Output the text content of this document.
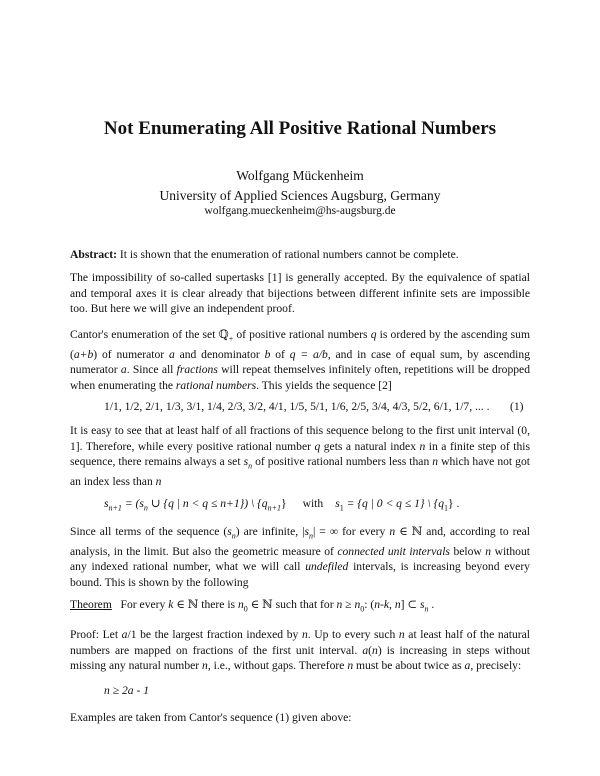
Not Enumerating All Positive Rational Numbers
Wolfgang Mückenheim
University of Applied Sciences Augsburg, Germany
wolfgang.mueckenheim@hs-augsburg.de

Abstract: It is shown that the enumeration of rational numbers cannot be complete.

The impossibility of so-called supertasks [1] is generally accepted. By the equivalence of spatial and temporal axes it is clear already that bijections between different infinite sets are impossible too. But here we will give an independent proof.

Cantor's enumeration of the set ℚ$_+$ of positive rational numbers q is ordered by the ascending sum (a+b) of numerator a and denominator b of q = a/b, and in case of equal sum, by ascending numerator a. Since all fractions will repeat themselves infinitely often, repetitions will be dropped when enumerating the rational numbers. This yields the sequence [2]

1/1, 1/2, 2/1, 1/3, 3/1, 1/4, 2/3, 3/2, 4/1, 1/5, 5/1, 1/6, 2/5, 3/4, 4/3, 5/2, 6/1, 1/7, ... . (1)

It is easy to see that at least half of all fractions of this sequence belong to the first unit interval (0, 1]. Therefore, while every positive rational number q gets a natural index n in a finite step of this sequence, there remains always a set $s_n$ of positive rational numbers less than n which have not got an index less than n

$s_{n+1} = (s_n$ ∪ {q | n < q ≤ n+1}) \ $\{q_{n+1}\}$ with $s_1 = \{q$ | 0 < q ≤ 1} \ $\{q_1\}$ .

Since all terms of the sequence $(s_n)$ are infinite, $|s_n|$ = ∞ for every n ∈ ℕ and, according to real analysis, in the limit. But also the geometric measure of connected unit intervals below n without any indexed rational number, what we will call undefiled intervals, is increasing beyond every bound. This is shown by the following

Theorem   For every k ∈ ℕ there is $n_0$ ∈ ℕ such that for $n \ge n_0$: (n-k, n] ⊂ $s_n$ .

Proof: Let a/1 be the largest fraction indexed by n. Up to every such n at least half of the natural numbers are mapped on fractions of the first unit interval. a(n) is increasing in steps without missing any natural number n, i.e., without gaps. Therefore n must be about twice as a, precisely:

n ≥ 2a - 1

Examples are taken from Cantor's sequence (1) given above:
